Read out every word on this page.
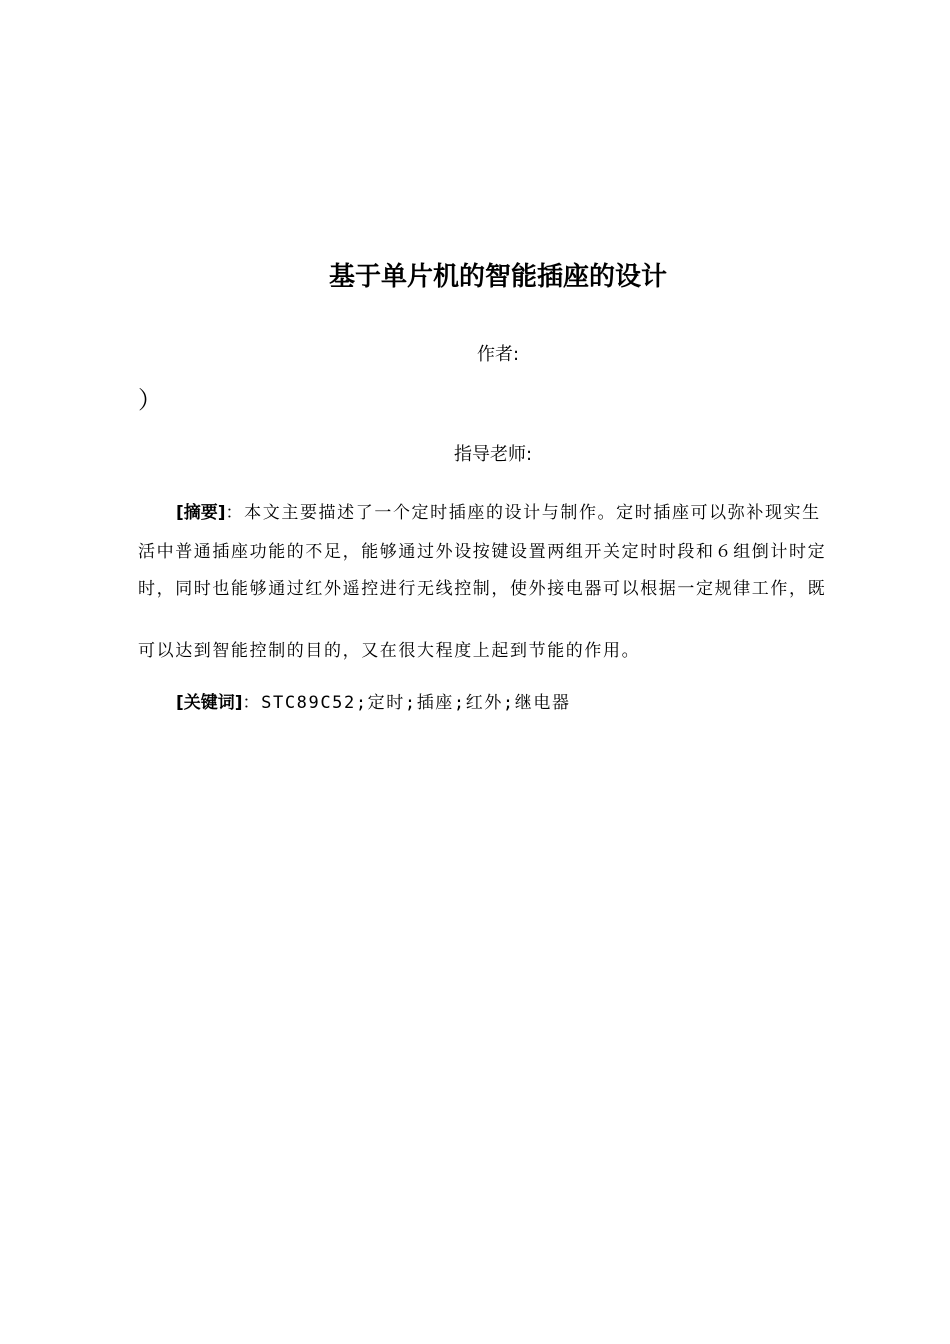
基于单片机的智能插座的设计
作者:
）
指导老师:
[摘要]：本文主要描述了一个定时插座的设计与制作。定时插座可以弥补现实生
活中普通插座功能的不足，能够通过外设按键设置两组开关定时时段和６组倒计时定
时，同时也能够通过红外遥控进行无线控制，使外接电器可以根据一定规律工作，既
可以达到智能控制的目的，又在很大程度上起到节能的作用。
[关键词]：STC89C52;定时;插座;红外;继电器
